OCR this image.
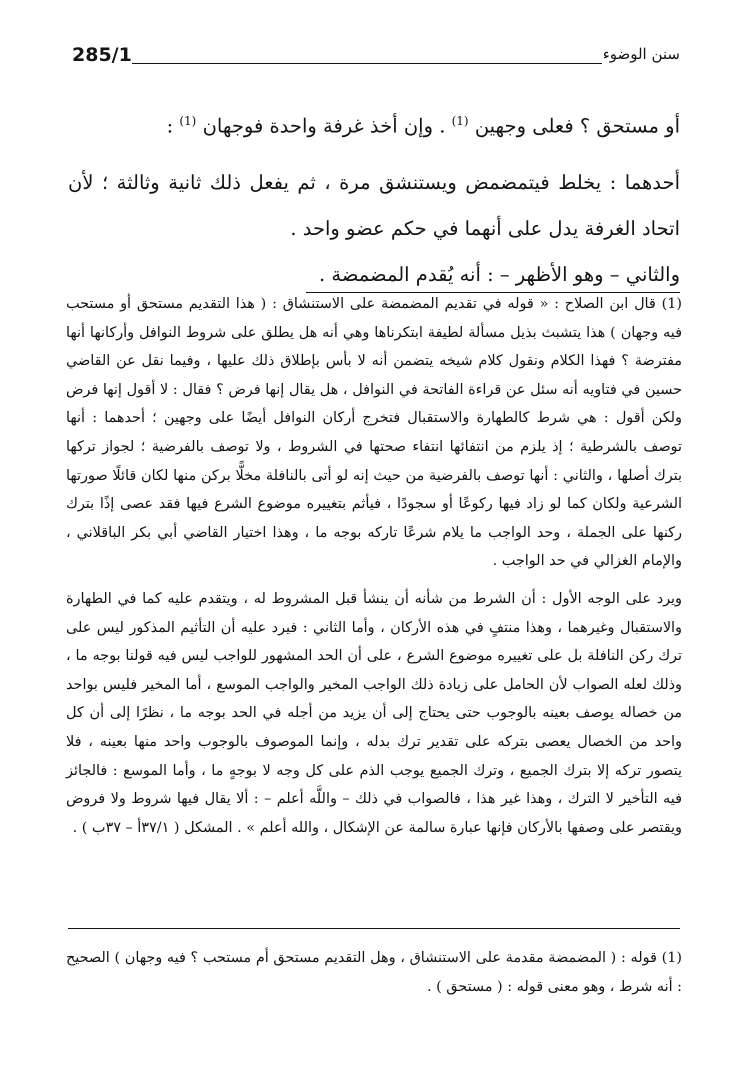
285/1	سنن الوضوء

أو مستحق ؟ فعلى وجهين $^{(1)}$ . وإن أخذ غرفة واحدة فوجهان $^{(1)}$ :

أحدهما : يخلط فيتمضمض ويستنشق مرة ، ثم يفعل ذلك ثانية وثالثة ؛ لأن اتحاد الغرفة يدل على أنهما في حكم عضو واحد .

والثاني – وهو الأظهر – : أنه يُقدم المضمضة .

(1) قال ابن الصلاح : « قوله في تقديم المضمضة على الاستنشاق : ( هذا التقديم مستحق أو مستحب فيه وجهان ) هذا يتشبث بذيل مسألة لطيفة ابتكرناها وهي أنه هل يطلق على شروط النوافل وأركانها أنها مفترضة ؟ فهذا الكلام ونقول كلام شيخه يتضمن أنه لا بأس بإطلاق ذلك عليها ، وفيما نقل عن القاضي حسين في فتاويه أنه سئل عن قراءة الفاتحة في النوافل ، هل يقال إنها فرض ؟ فقال : لا أقول إنها فرض ولكن أقول : هي شرط كالطهارة والاستقبال فتخرج أركان النوافل أيضًا على وجهين ؛ أحدهما : أنها توصف بالشرطية ؛ إذ يلزم من انتفائها انتفاء صحتها في الشروط ، ولا توصف بالفرضية ؛ لجواز تركها بترك أصلها ، والثاني : أنها توصف بالفرضية من حيث إنه لو أتى بالنافلة مخلًّا بركن منها لكان قائلًا صورتها الشرعية ولكان كما لو زاد فيها ركوعًا أو سجودًا ، فيأثم بتغييره موضوع الشرع فيها فقد عصى إذًا بترك ركنها على الجملة ، وحد الواجب ما يلام شرعًا تاركه بوجه ما ، وهذا اختيار القاضي أبي بكر الباقلاني ، والإمام الغزالي في حد الواجب .

ويرد على الوجه الأول : أن الشرط من شأنه أن ينشأ قبل المشروط له ، ويتقدم عليه كما في الطهارة والاستقبال وغيرهما ، وهذا منتفٍ في هذه الأركان ، وأما الثاني : فيرد عليه أن التأثيم المذكور ليس على ترك ركن النافلة بل على تغييره موضوع الشرع ، على أن الحد المشهور للواجب ليس فيه قولنا بوجه ما ، وذلك لعله الصواب لأن الحامل على زيادة ذلك الواجب المخير والواجب الموسع ، أما المخير فليس بواحد من خصاله يوصف بعينه بالوجوب حتى يحتاج إلى أن يزيد من أجله في الحد بوجه ما ، نظرًا إلى أن كل واحد من الخصال يعصى بتركه على تقدير ترك بدله ، وإنما الموصوف بالوجوب واحد منها بعينه ، فلا يتصور تركه إلا بترك الجميع ، وترك الجميع يوجب الذم على كل وجه لا بوجهٍ ما ، وأما الموسع : فالجائز فيه التأخير لا الترك ، وهذا غير هذا ، فالصواب في ذلك – واللَّه أعلم – : ألا يقال فيها شروط ولا فروض ويقتصر على وصفها بالأركان فإنها عبارة سالمة عن الإشكال ، والله أعلم » . المشكل ( ٣٧/١أ – ٣٧ب ) .

(1) قوله : ( المضمضة مقدمة على الاستنشاق ، وهل التقديم مستحق أم مستحب ؟ فيه وجهان ) الصحيح : أنه شرط ، وهو معنى قوله : ( مستحق ) .
